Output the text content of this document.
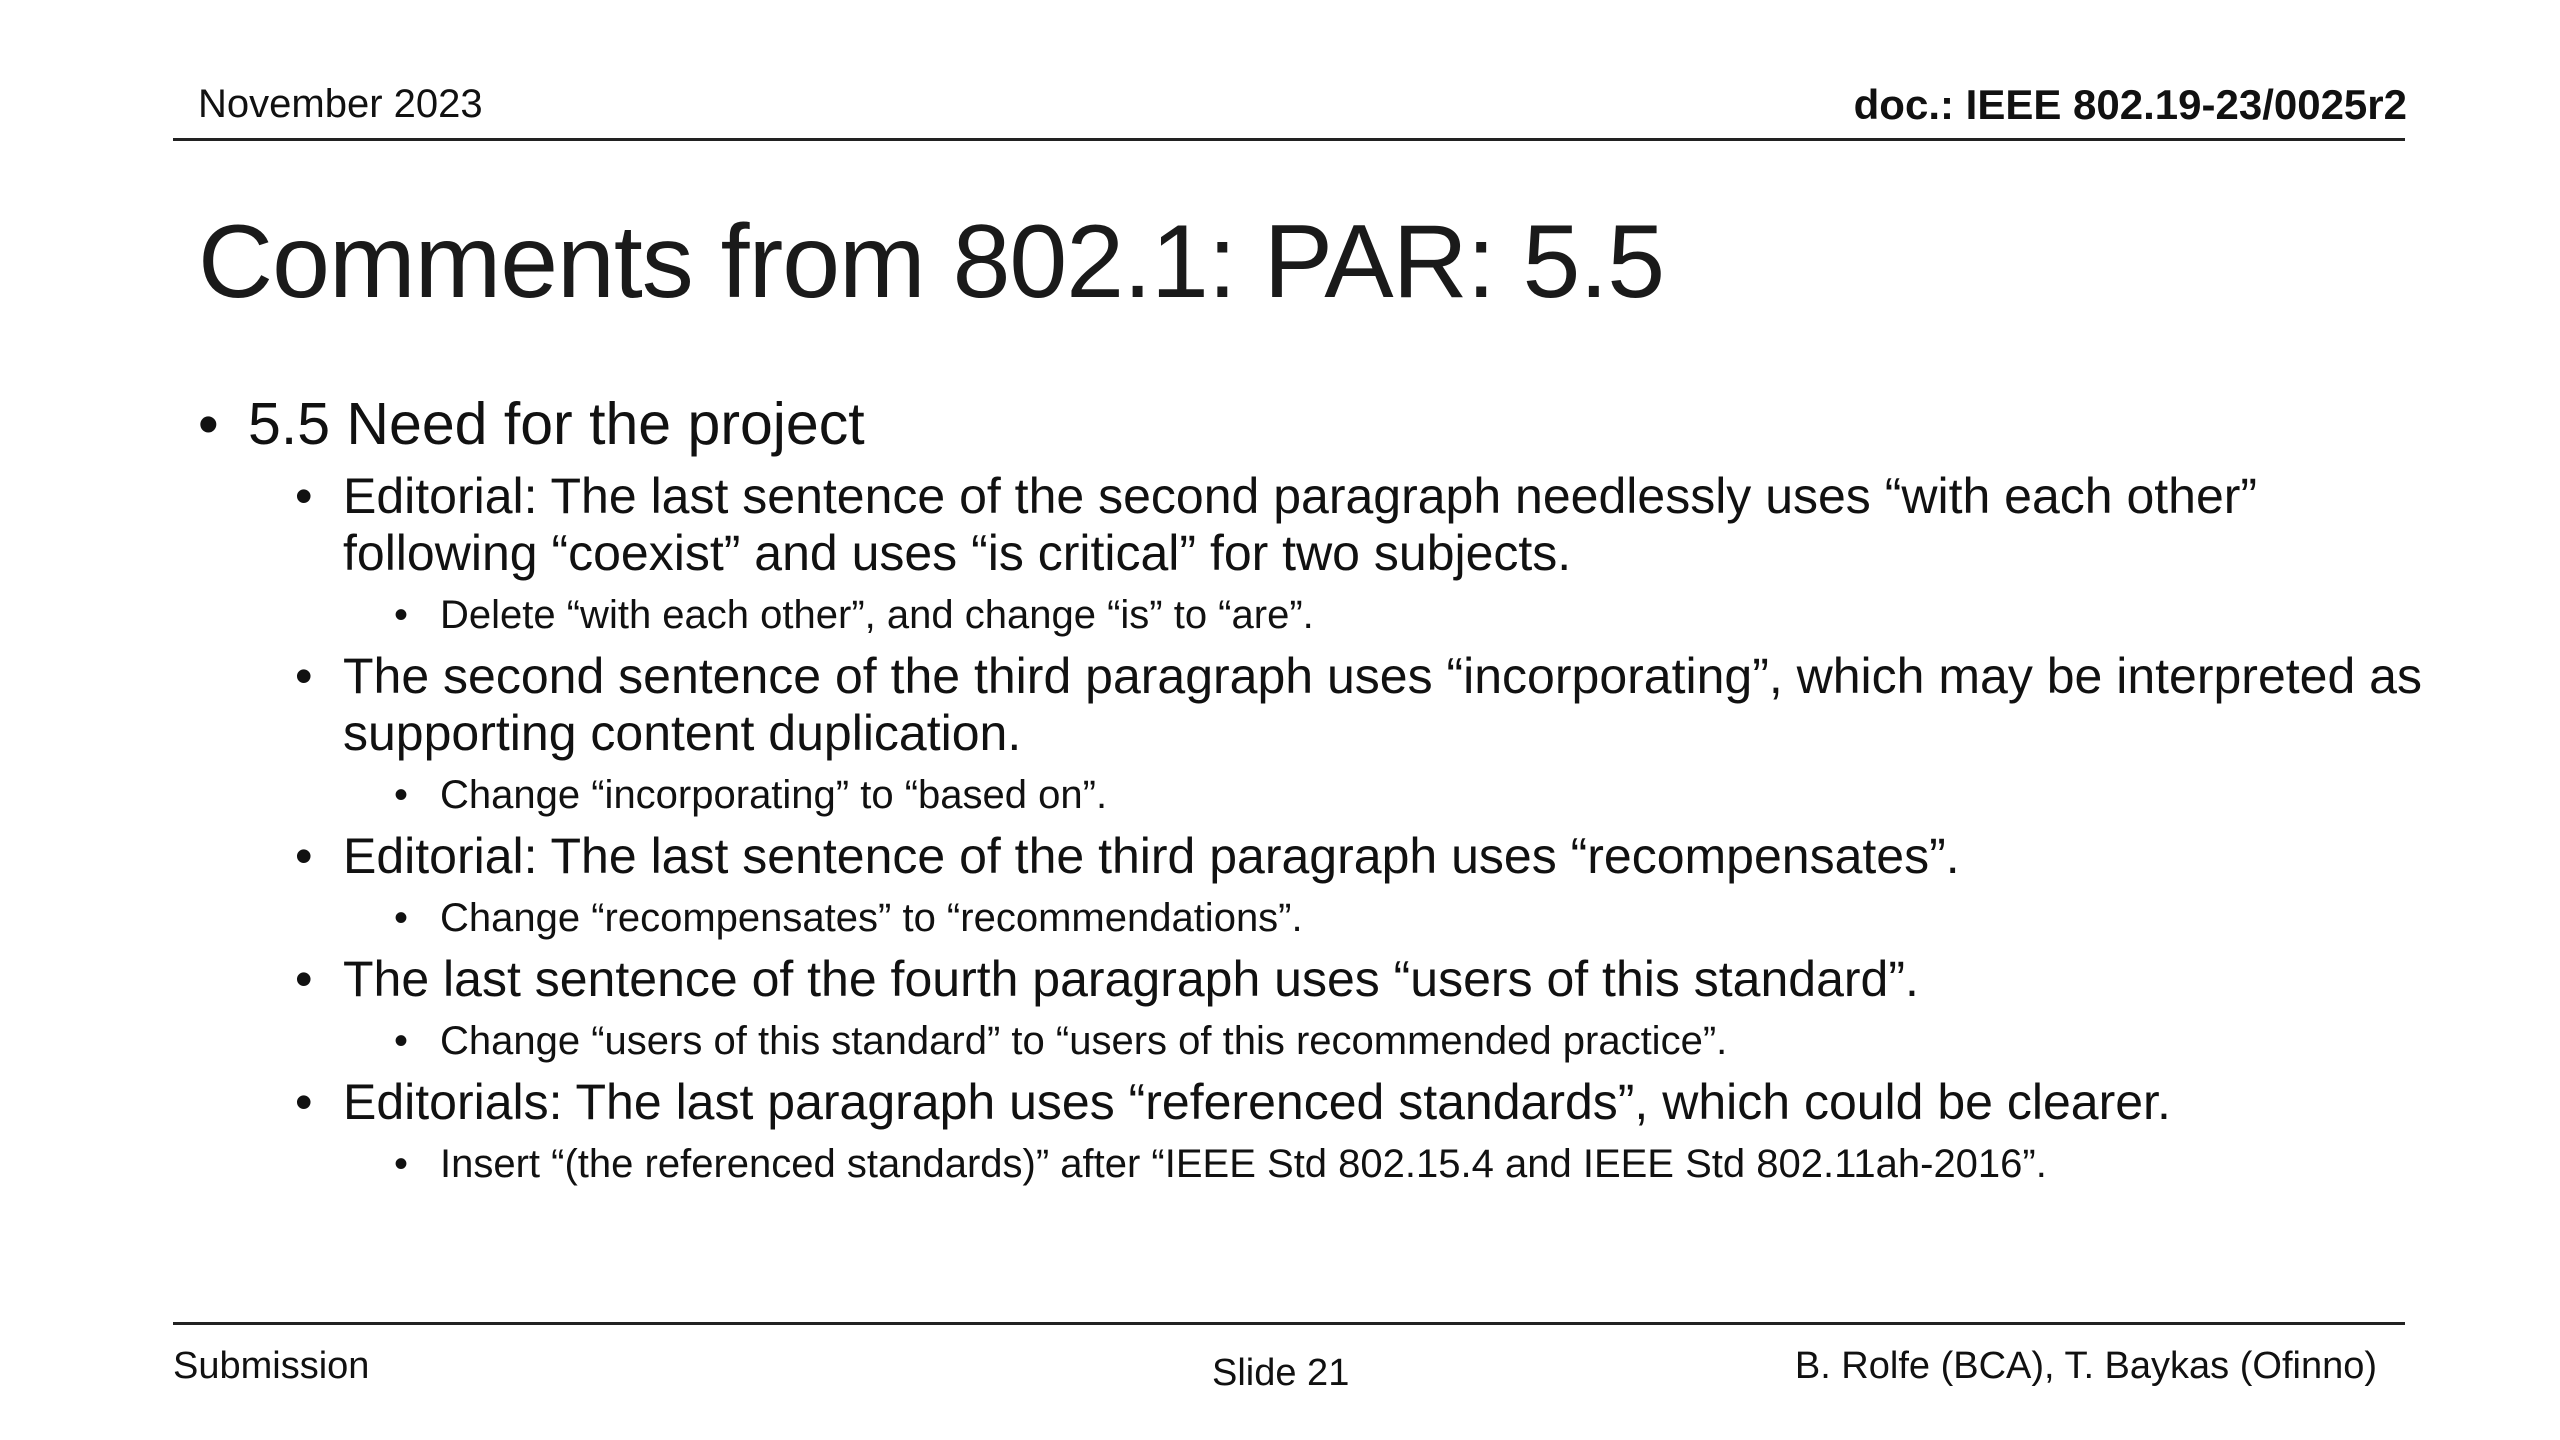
November 2023	doc.: IEEE 802.19-23/0025r2
Comments from 802.1: PAR: 5.5
• 5.5 Need for the project
• Editorial: The last sentence of the second paragraph needlessly uses “with each other” following “coexist” and uses “is critical” for two subjects.
• Delete “with each other”, and change “is” to “are”.
• The second sentence of the third paragraph uses “incorporating”, which may be interpreted as supporting content duplication.
• Change “incorporating” to “based on”.
• Editorial: The last sentence of the third paragraph uses “recompensates”.
• Change “recompensates” to “recommendations”.
• The last sentence of the fourth paragraph uses “users of this standard”.
• Change “users of this standard” to “users of this recommended practice”.
• Editorials: The last paragraph uses “referenced standards”, which could be clearer.
• Insert “(the referenced standards)” after “IEEE Std 802.15.4 and IEEE Std 802.11ah-2016”.
Submission	Slide 21	B. Rolfe (BCA), T. Baykas (Ofinno)
